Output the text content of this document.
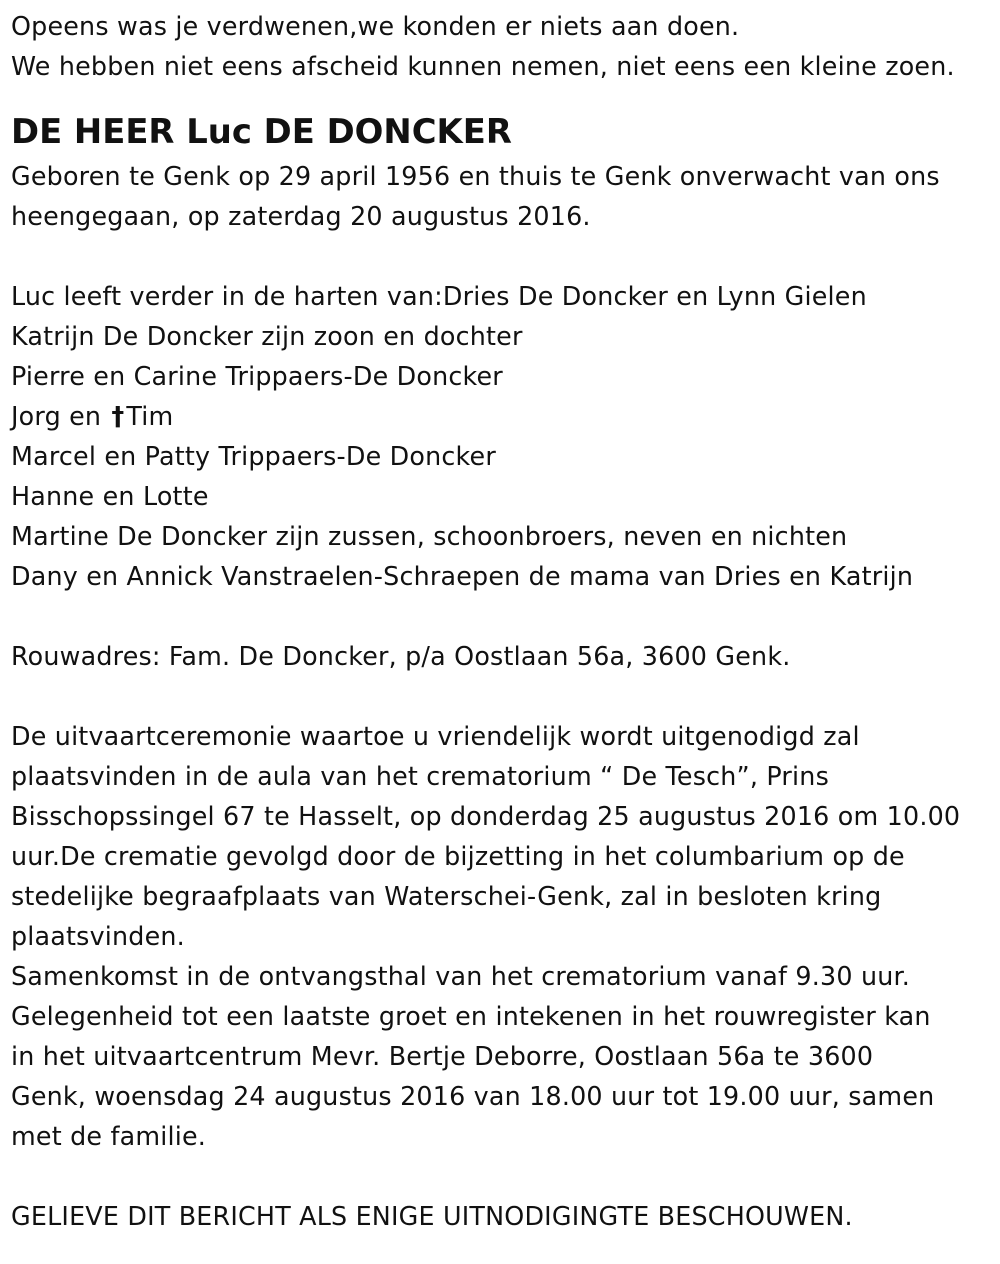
Opeens was je verdwenen,we konden er niets aan doen.
We hebben niet eens afscheid kunnen nemen, niet eens een kleine zoen.
DE HEER Luc DE DONCKER
Geboren te Genk op 29 april 1956 en thuis te Genk onverwacht van ons
heengegaan, op zaterdag 20 augustus 2016.
Luc leeft verder in de harten van:Dries De Doncker en Lynn Gielen
Katrijn De Doncker zijn zoon en dochter
Pierre en Carine Trippaers-De Doncker
Jorg en †Tim
Marcel en Patty Trippaers-De Doncker
Hanne en Lotte
Martine De Doncker zijn zussen, schoonbroers, neven en nichten
Dany en Annick Vanstraelen-Schraepen de mama van Dries en Katrijn
Rouwadres: Fam. De Doncker, p/a Oostlaan 56a, 3600 Genk.
De uitvaartceremonie waartoe u vriendelijk wordt uitgenodigd zal
plaatsvinden in de aula van het crematorium “ De Tesch”, Prins
Bisschopssingel 67 te Hasselt, op donderdag 25 augustus 2016 om 10.00
uur.De crematie gevolgd door de bijzetting in het columbarium op de
stedelijke begraafplaats van Waterschei-Genk, zal in besloten kring
plaatsvinden.
Samenkomst in de ontvangsthal van het crematorium vanaf 9.30 uur.
Gelegenheid tot een laatste groet en intekenen in het rouwregister kan
in het uitvaartcentrum Mevr. Bertje Deborre, Oostlaan 56a te 3600
Genk, woensdag 24 augustus 2016 van 18.00 uur tot 19.00 uur, samen
met de familie.
GELIEVE DIT BERICHT ALS ENIGE UITNODIGINGTE BESCHOUWEN.
